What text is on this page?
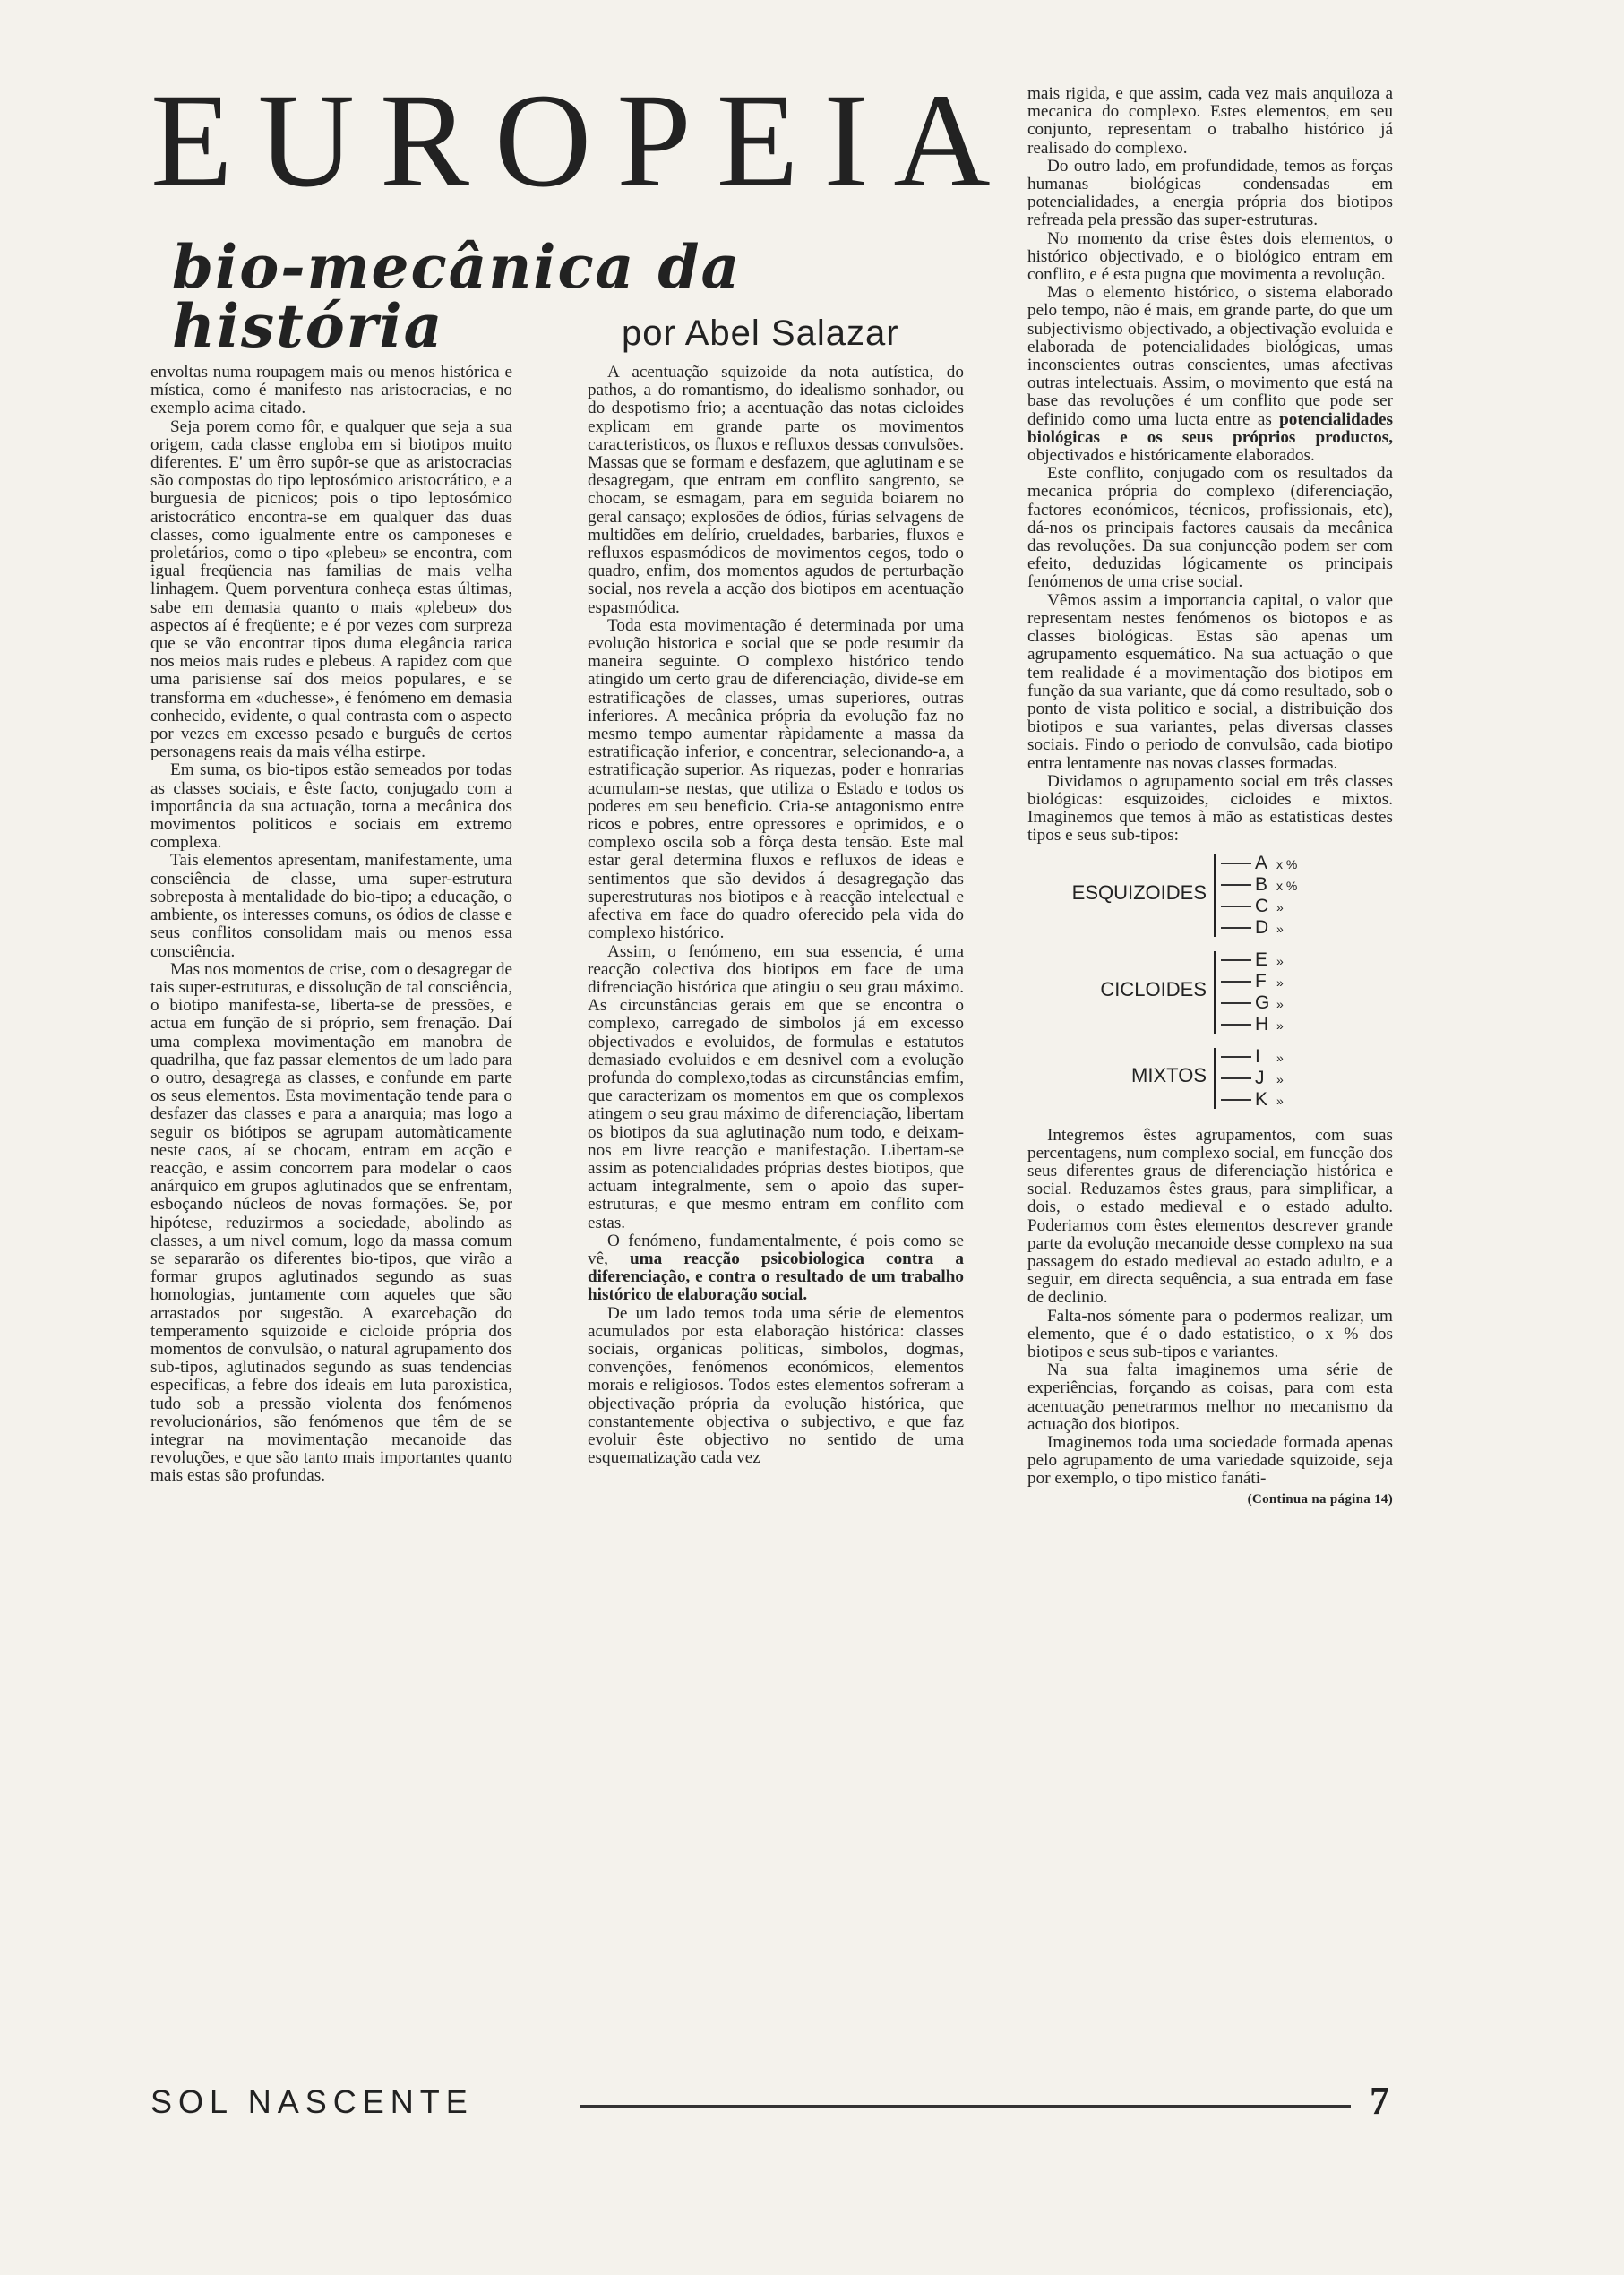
EUROPEIA
bio-mecânica da história	por Abel Salazar

envoltas numa roupagem mais ou menos histórica e mística, como é manifesto nas aristocracias, e no exemplo acima citado.

Seja porem como fôr, e qualquer que seja a sua origem, cada classe engloba em si biotipos muito diferentes. E' um êrro supôr-se que as aristocracias são compostas do tipo leptosómico aristocrático, e a burguesia de picnicos; pois o tipo leptosómico aristocrático encontra-se em qualquer das duas classes, como igualmente entre os camponeses e proletários, como o tipo «plebeu» se encontra, com igual freqüencia nas familias de mais velha linhagem. Quem porventura conheça estas últimas, sabe em demasia quanto o mais «plebeu» dos aspectos aí é freqüente; e é por vezes com surpreza que se vão encontrar tipos duma elegância rarica nos meios mais rudes e plebeus. A rapidez com que uma parisiense saí dos meios populares, e se transforma em «duchesse», é fenómeno em demasia conhecido, evidente, o qual contrasta com o aspecto por vezes em excesso pesado e burguês de certos personagens reais da mais vélha estirpe.

Em suma, os bio-tipos estão semeados por todas as classes sociais, e êste facto, conjugado com a importância da sua actuação, torna a mecânica dos movimentos politicos e sociais em extremo complexa.

Tais elementos apresentam, manifestamente, uma consciência de classe, uma super-estrutura sobreposta à mentalidade do bio-tipo; a educação, o ambiente, os interesses comuns, os ódios de classe e seus conflitos consolidam mais ou menos essa consciência.

Mas nos momentos de crise, com o desagregar de tais super-estruturas, e dissolução de tal consciência, o biotipo manifesta-se, liberta-se de pressões, e actua em função de si próprio, sem frenação. Daí uma complexa movimentação em manobra de quadrilha, que faz passar elementos de um lado para o outro, desagrega as classes, e confunde em parte os seus elementos. Esta movimentação tende para o desfazer das classes e para a anarquia; mas logo a seguir os biótipos se agrupam automàticamente neste caos, aí se chocam, entram em acção e reacção, e assim concorrem para modelar o caos anárquico em grupos aglutinados que se enfrentam, esboçando núcleos de novas formações. Se, por hipótese, reduzirmos a sociedade, abolindo as classes, a um nivel comum, logo da massa comum se separarão os diferentes bio-tipos, que virão a formar grupos aglutinados segundo as suas homologias, juntamente com aqueles que são arrastados por sugestão. A exarcebação do temperamento squizoide e cicloide própria dos momentos de convulsão, o natural agrupamento dos sub-tipos, aglutinados segundo as suas tendencias especificas, a febre dos ideais em luta paroxistica, tudo sob a pressão violenta dos fenómenos revolucionários, são fenómenos que têm de se integrar na movimentação mecanoide das revoluções, e que são tanto mais importantes quanto mais estas são profundas.

A acentuação squizoide da nota autística, do pathos, a do romantismo, do idealismo sonhador, ou do despotismo frio; a acentuação das notas cicloides explicam em grande parte os movimentos caracteristicos, os fluxos e refluxos dessas convulsões. Massas que se formam e desfazem, que aglutinam e se desagregam, que entram em conflito sangrento, se chocam, se esmagam, para em seguida boiarem no geral cansaço; explosões de ódios, fúrias selvagens de multidões em delírio, crueldades, barbaries, fluxos e refluxos espasmódicos de movimentos cegos, todo o quadro, enfim, dos momentos agudos de perturbação social, nos revela a acção dos biotipos em acentuação espasmódica.

Toda esta movimentação é determinada por uma evolução historica e social que se pode resumir da maneira seguinte. O complexo histórico tendo atingido um certo grau de diferenciação, divide-se em estratificações de classes, umas superiores, outras inferiores. A mecânica própria da evolução faz no mesmo tempo aumentar ràpidamente a massa da estratificação inferior, e concentrar, selecionando-a, a estratificação superior. As riquezas, poder e honrarias acumulam-se nestas, que utiliza o Estado e todos os poderes em seu beneficio. Cria-se antagonismo entre ricos e pobres, entre opressores e oprimidos, e o complexo oscila sob a fôrça desta tensão. Este mal estar geral determina fluxos e refluxos de ideas e sentimentos que são devidos á desagregação das superestruturas nos biotipos e à reacção intelectual e afectiva em face do quadro oferecido pela vida do complexo histórico.

Assim, o fenómeno, em sua essencia, é uma reacção colectiva dos biotipos em face de uma difrenciação histórica que atingiu o seu grau máximo. As circunstâncias gerais em que se encontra o complexo, carregado de simbolos já em excesso objectivados e evoluidos, de formulas e estatutos demasiado evoluidos e em desnivel com a evolução profunda do complexo,todas as circunstâncias emfim, que caracterizam os momentos em que os complexos atingem o seu grau máximo de diferenciação, libertam os biotipos da sua aglutinação num todo, e deixam-nos em livre reacção e manifestação. Libertam-se assim as potencialidades próprias destes biotipos, que actuam integralmente, sem o apoio das super-estruturas, e que mesmo entram em conflito com estas.

O fenómeno, fundamentalmente, é pois como se vê, uma reacção psicobiologica contra a diferenciação, e contra o resultado de um trabalho histórico de elaboração social.

De um lado temos toda uma série de elementos acumulados por esta elaboração histórica: classes sociais, organicas politicas, simbolos, dogmas, convenções, fenómenos económicos, elementos morais e religiosos. Todos estes elementos sofreram a objectivação própria da evolução histórica, que constantemente objectiva o subjectivo, e que faz evoluir êste objectivo no sentido de uma esquematização cada vez

mais rigida, e que assim, cada vez mais anquiloza a mecanica do complexo. Estes elementos, em seu conjunto, representam o trabalho histórico já realisado do complexo.

Do outro lado, em profundidade, temos as forças humanas biológicas condensadas em potencialidades, a energia própria dos biotipos refreada pela pressão das super-estruturas.

No momento da crise êstes dois elementos, o histórico objectivado, e o biológico entram em conflito, e é esta pugna que movimenta a revolução.

Mas o elemento histórico, o sistema elaborado pelo tempo, não é mais, em grande parte, do que um subjectivismo objectivado, a objectivação evoluida e elaborada de potencialidades biológicas, umas inconscientes outras conscientes, umas afectivas outras intelectuais. Assim, o movimento que está na base das revoluções é um conflito que pode ser definido como uma lucta entre as potencialidades biológicas e os seus próprios productos, objectivados e históricamente elaborados.

Este conflito, conjugado com os resultados da mecanica própria do complexo (diferenciação, factores económicos, técnicos, profissionais, etc), dá-nos os principais factores causais da mecânica das revoluções. Da sua conjuncção podem ser com efeito, deduzidas lógicamente os principais fenómenos de uma crise social.

Vêmos assim a importancia capital, o valor que representam nestes fenómenos os biotopos e as classes biológicas. Estas são apenas um agrupamento esquemático. Na sua actuação o que tem realidade é a movimentação dos biotipos em função da sua variante, que dá como resultado, sob o ponto de vista politico e social, a distribuição dos biotipos e sua variantes, pelas diversas classes sociais. Findo o periodo de convulsão, cada biotipo entra lentamente nas novas classes formadas.

Dividamos o agrupamento social em três classes biológicas: esquizoides, cicloides e mixtos. Imaginemos que temos à mão as estatisticas destes tipos e seus sub-tipos:

ESQUIZOIDES
Ax %
Bx %
C »
D »
CICLOIDES
E »
F »
G »
H »
MIXTOS
I »
J »
K »

Integremos êstes agrupamentos, com suas percentagens, num complexo social, em funcção dos seus diferentes graus de diferenciação histórica e social. Reduzamos êstes graus, para simplificar, a dois, o estado medieval e o estado adulto. Poderiamos com êstes elementos descrever grande parte da evolução mecanoide desse complexo na sua passagem do estado medieval ao estado adulto, e a seguir, em directa sequência, a sua entrada em fase de declinio.

Falta-nos sómente para o podermos realizar, um elemento, que é o dado estatistico, o x % dos biotipos e seus sub-tipos e variantes.

Na sua falta imaginemos uma série de experiências, forçando as coisas, para com esta acentuação penetrarmos melhor no mecanismo da actuação dos biotipos.

Imaginemos toda uma sociedade formada apenas pelo agrupamento de uma variedade squizoide, seja por exemplo, o tipo mistico fanáti-

(Continua na página 14)
SOL NASCENTE	7
